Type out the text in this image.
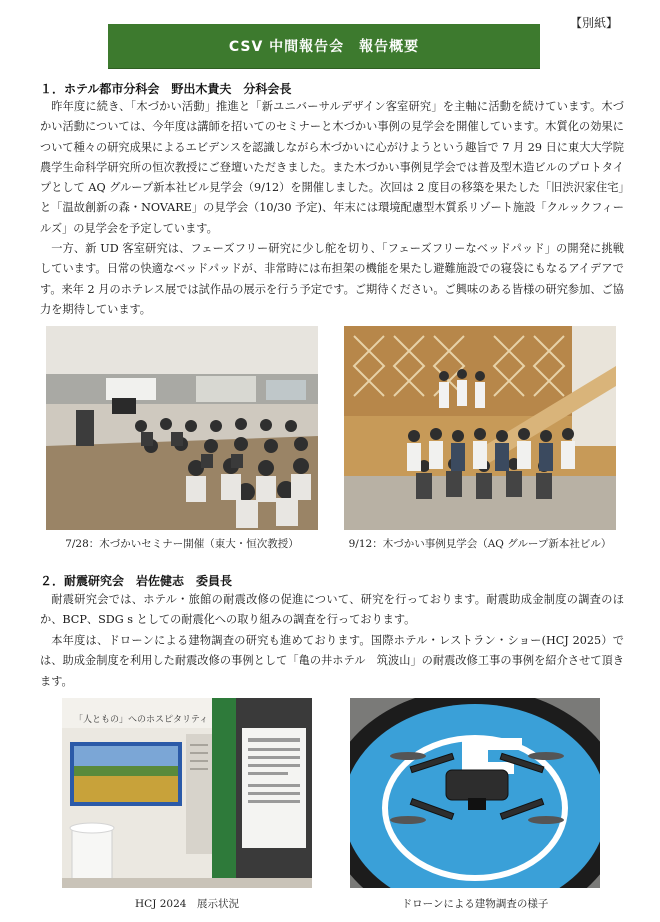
【別紙】
CSV 中間報告会　報告概要
１．ホテル都市分科会　野出木貴夫　分科会長

昨年度に続き、「木づかい活動」推進と「新ユニバーサルデザイン客室研究」を主軸に活動を続けています。木づかい活動については、今年度は講師を招いてのセミナーと木づかい事例の見学会を開催しています。木質化の効果について種々の研究成果によるエビデンスを認識しながら木づかいに心がけようという趣旨で 7 月 29 日に東大大学院農学生命科学研究所の恒次教授にご登壇いただきました。また木づかい事例見学会では普及型木造ビルのプロトタイプとして AQ グループ新本社ビル見学会（9/12）を開催しました。次回は 2 度目の移築を果たした「旧渋沢家住宅」と「温故創新の森・NOVARE」の見学会（10/30 予定)、年末には環境配慮型木質系リゾート施設「クルックフィールズ」の見学会を予定しています。

一方、新 UD 客室研究は、フェーズフリー研究に少し舵を切り、「フェーズフリーなベッドパッド」の開発に挑戦しています。日常の快適なベッドパッドが、非常時には布担架の機能を果たし避難施設での寝袋にもなるアイデアです。来年 2 月のホテレス展では試作品の展示を行う予定です。ご期待ください。ご興味のある皆様の研究参加、ご協力を期待しています。

7/28：木づかいセミナー開催（東大・恒次教授）	9/12：木づかい事例見学会（AQ グループ新本社ビル）
２．耐震研究会　岩佐健志　委員長

耐震研究会では、ホテル・旅館の耐震改修の促進について、研究を行っております。耐震助成金制度の調査のほか、BCP、SDG s としての耐震化への取り組みの調査を行っております。

本年度は、ドローンによる建物調査の研究も進めております。国際ホテル・レストラン・ショー(HCJ 2025）では、助成金制度を利用した耐震改修の事例として「亀の井ホテル　筑波山」の耐震改修工事の事例を紹介させて頂きます。

「人ともの」へのホスピタリティ
HCJ 2024　展示状況	ドローンによる建物調査の様子
